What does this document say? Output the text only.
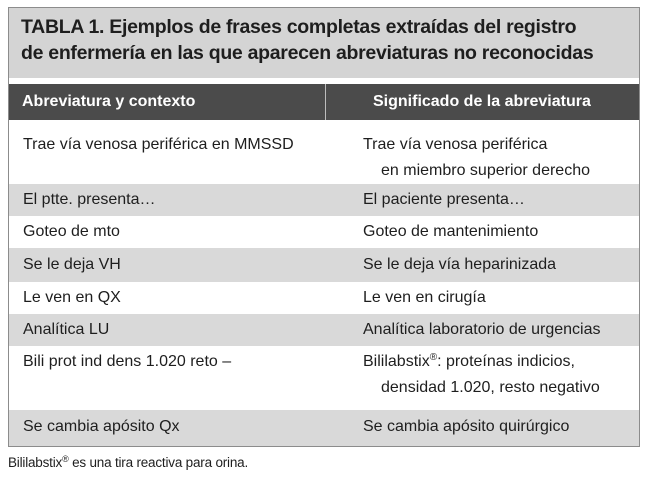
TABLA 1. Ejemplos de frases completas extraídas del registro
de enfermería en las que aparecen abreviaturas no reconocidas
Abreviatura y contexto	Significado de la abreviatura
Trae vía venosa periférica en MMSSD	Trae vía venosa periférica
en miembro superior derecho
El ptte. presenta…	El paciente presenta…
Goteo de mto	Goteo de mantenimiento
Se le deja VH	Se le deja vía heparinizada
Le ven en QX	Le ven en cirugía
Analítica LU	Analítica laboratorio de urgencias
Bili prot ind dens 1.020 reto –	Bililabstix®: proteínas indicios,
densidad 1.020, resto negativo
Se cambia apósito Qx	Se cambia apósito quirúrgico
Bililabstix® es una tira reactiva para orina.
